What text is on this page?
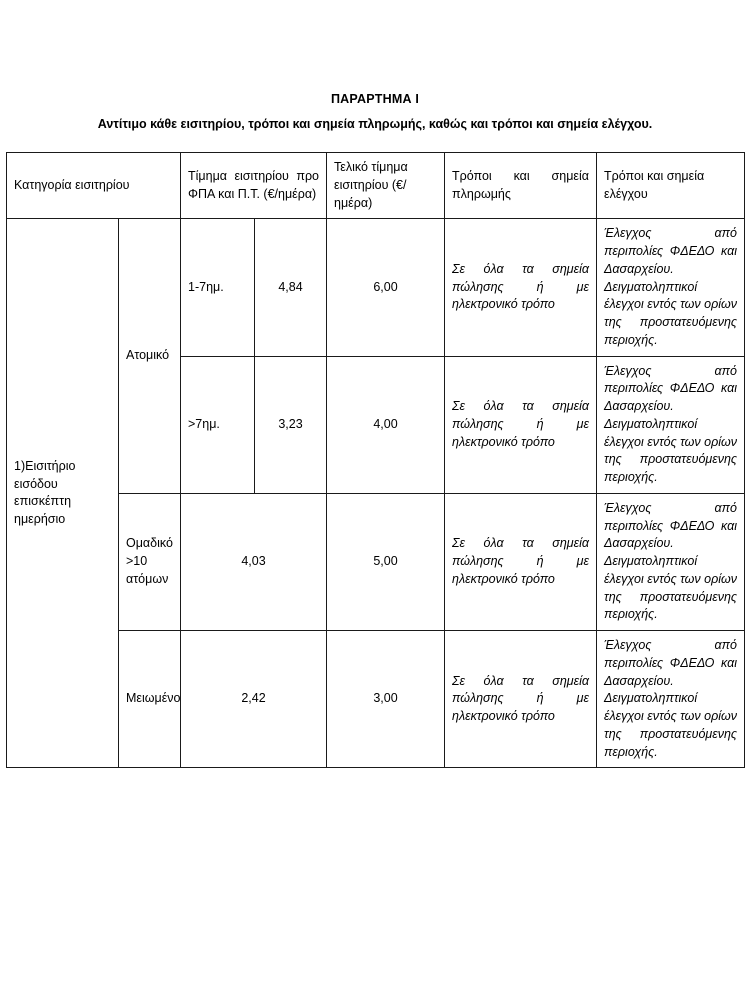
ΠΑΡΑΡΤΗΜΑ Ι
Αντίτιμο κάθε εισιτηρίου, τρόποι και σημεία πληρωμής, καθώς και τρόποι και σημεία ελέγχου.
Κατηγορία εισιτηρίου		Τίμημα εισιτηρίου προ ΦΠΑ και Π.Τ. (€/ημέρα)		Τελικό τίμημα εισιτηρίου (€/ημέρα)	Τρόποι και σημεία πληρωμής	Τρόποι και σημεία ελέγχου
1)Εισιτήριο εισόδου επισκέπτη ημερήσιο	Ατομικό	1-7ημ.	4,84	6,00	Σε όλα τα σημεία πώλησης ή με ηλεκτρονικό τρόπο	Έλεγχος από περιπολίες ΦΔΕΔΟ και Δασαρχείου. Δειγματοληπτικοί έλεγχοι εντός των ορίων της προστατευόμενης περιοχής.
		>7ημ.	3,23	4,00	Σε όλα τα σημεία πώλησης ή με ηλεκτρονικό τρόπο	Έλεγχος από περιπολίες ΦΔΕΔΟ και Δασαρχείου. Δειγματοληπτικοί έλεγχοι εντός των ορίων της προστατευόμενης περιοχής.
	Ομαδικό >10 ατόμων	4,03		5,00	Σε όλα τα σημεία πώλησης ή με ηλεκτρονικό τρόπο	Έλεγχος από περιπολίες ΦΔΕΔΟ και Δασαρχείου. Δειγματοληπτικοί έλεγχοι εντός των ορίων της προστατευόμενης περιοχής.
	Μειωμένο	2,42		3,00	Σε όλα τα σημεία πώλησης ή με ηλεκτρονικό τρόπο	Έλεγχος από περιπολίες ΦΔΕΔΟ και Δασαρχείου. Δειγματοληπτικοί έλεγχοι εντός των ορίων της προστατευόμενης περιοχής.
